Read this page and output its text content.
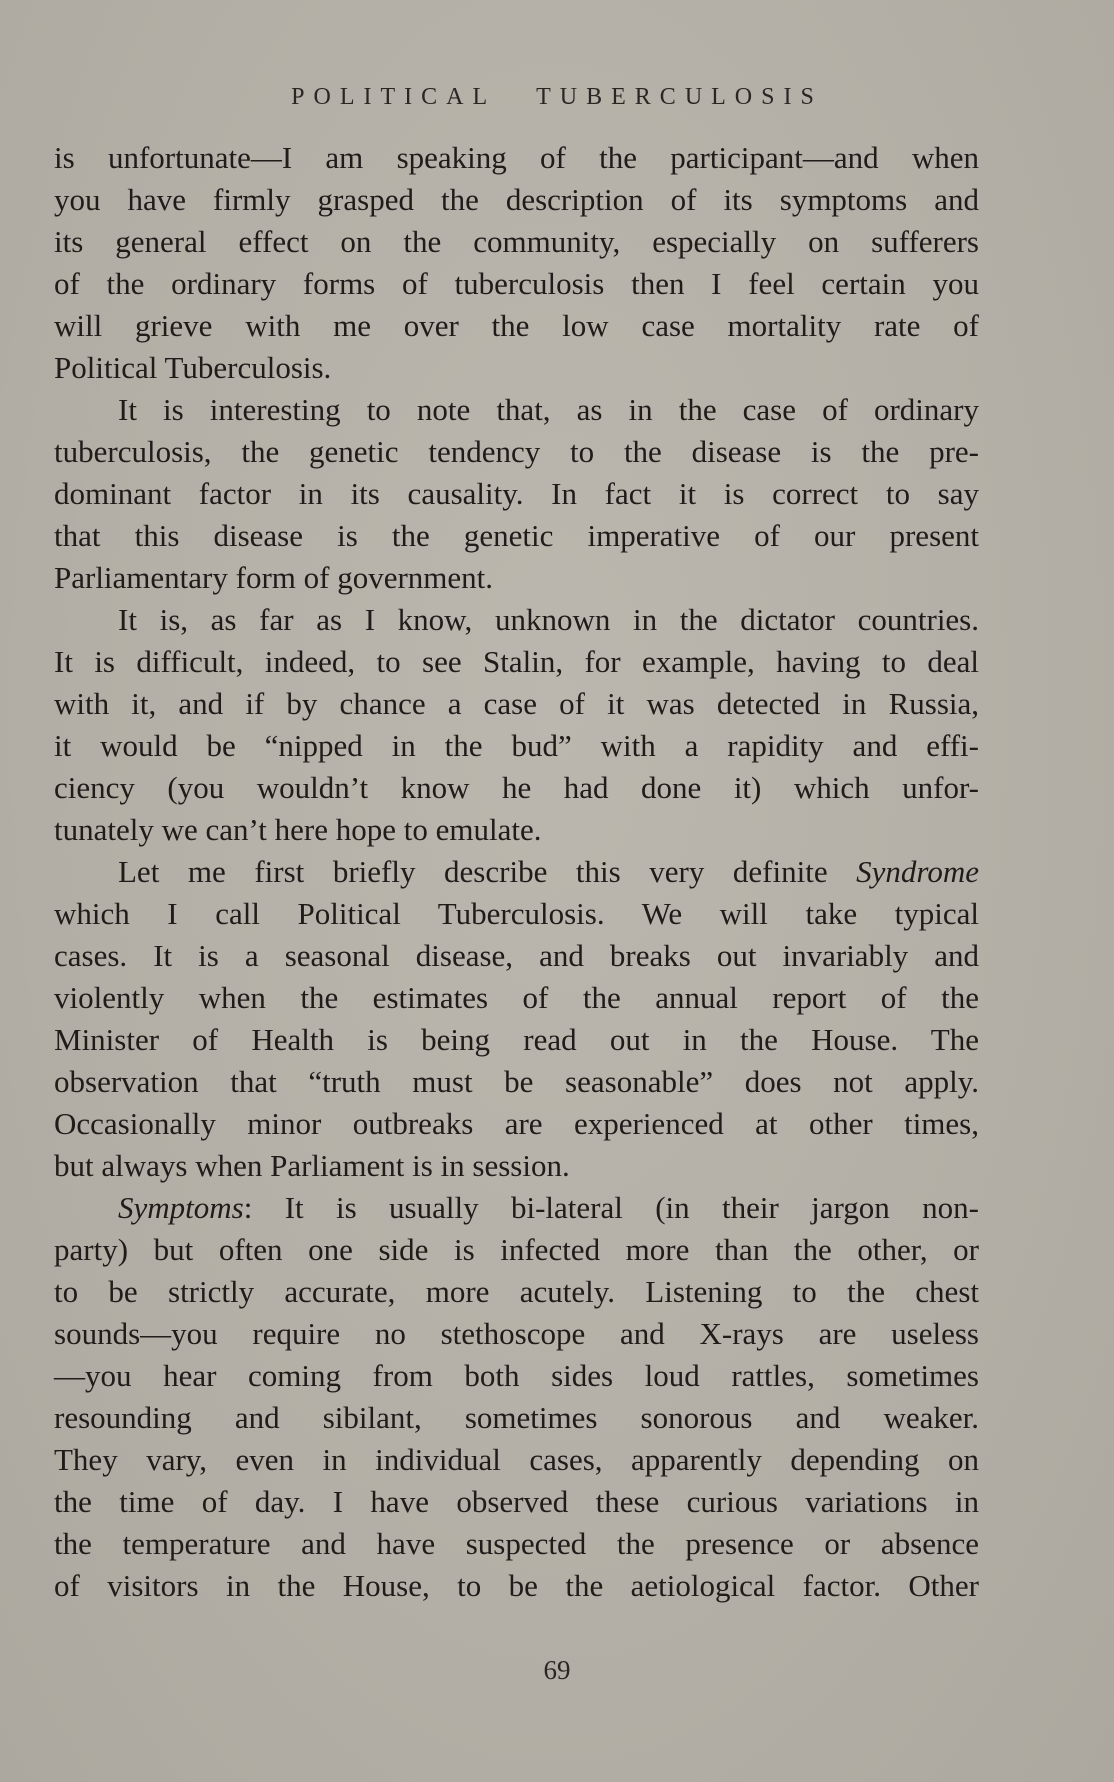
POLITICAL TUBERCULOSIS
is unfortunate—I am speaking of the participant—and when
you have firmly grasped the description of its symptoms and
its general effect on the community, especially on sufferers
of the ordinary forms of tuberculosis then I feel certain you
will grieve with me over the low case mortality rate of
Political Tuberculosis.
It is interesting to note that, as in the case of ordinary
tuberculosis, the genetic tendency to the disease is the pre-
dominant factor in its causality. In fact it is correct to say
that this disease is the genetic imperative of our present
Parliamentary form of government.
It is, as far as I know, unknown in the dictator countries.
It is difficult, indeed, to see Stalin, for example, having to deal
with it, and if by chance a case of it was detected in Russia,
it would be “nipped in the bud” with a rapidity and effi-
ciency (you wouldn’t know he had done it) which unfor-
tunately we can’t here hope to emulate.
Let me first briefly describe this very definite Syndrome
which I call Political Tuberculosis. We will take typical
cases. It is a seasonal disease, and breaks out invariably and
violently when the estimates of the annual report of the
Minister of Health is being read out in the House. The
observation that “truth must be seasonable” does not apply.
Occasionally minor outbreaks are experienced at other times,
but always when Parliament is in session.
Symptoms: It is usually bi-lateral (in their jargon non-
party) but often one side is infected more than the other, or
to be strictly accurate, more acutely. Listening to the chest
sounds—you require no stethoscope and X-rays are useless
—you hear coming from both sides loud rattles, sometimes
resounding and sibilant, sometimes sonorous and weaker.
They vary, even in individual cases, apparently depending on
the time of day. I have observed these curious variations in
the temperature and have suspected the presence or absence
of visitors in the House, to be the aetiological factor. Other
69
